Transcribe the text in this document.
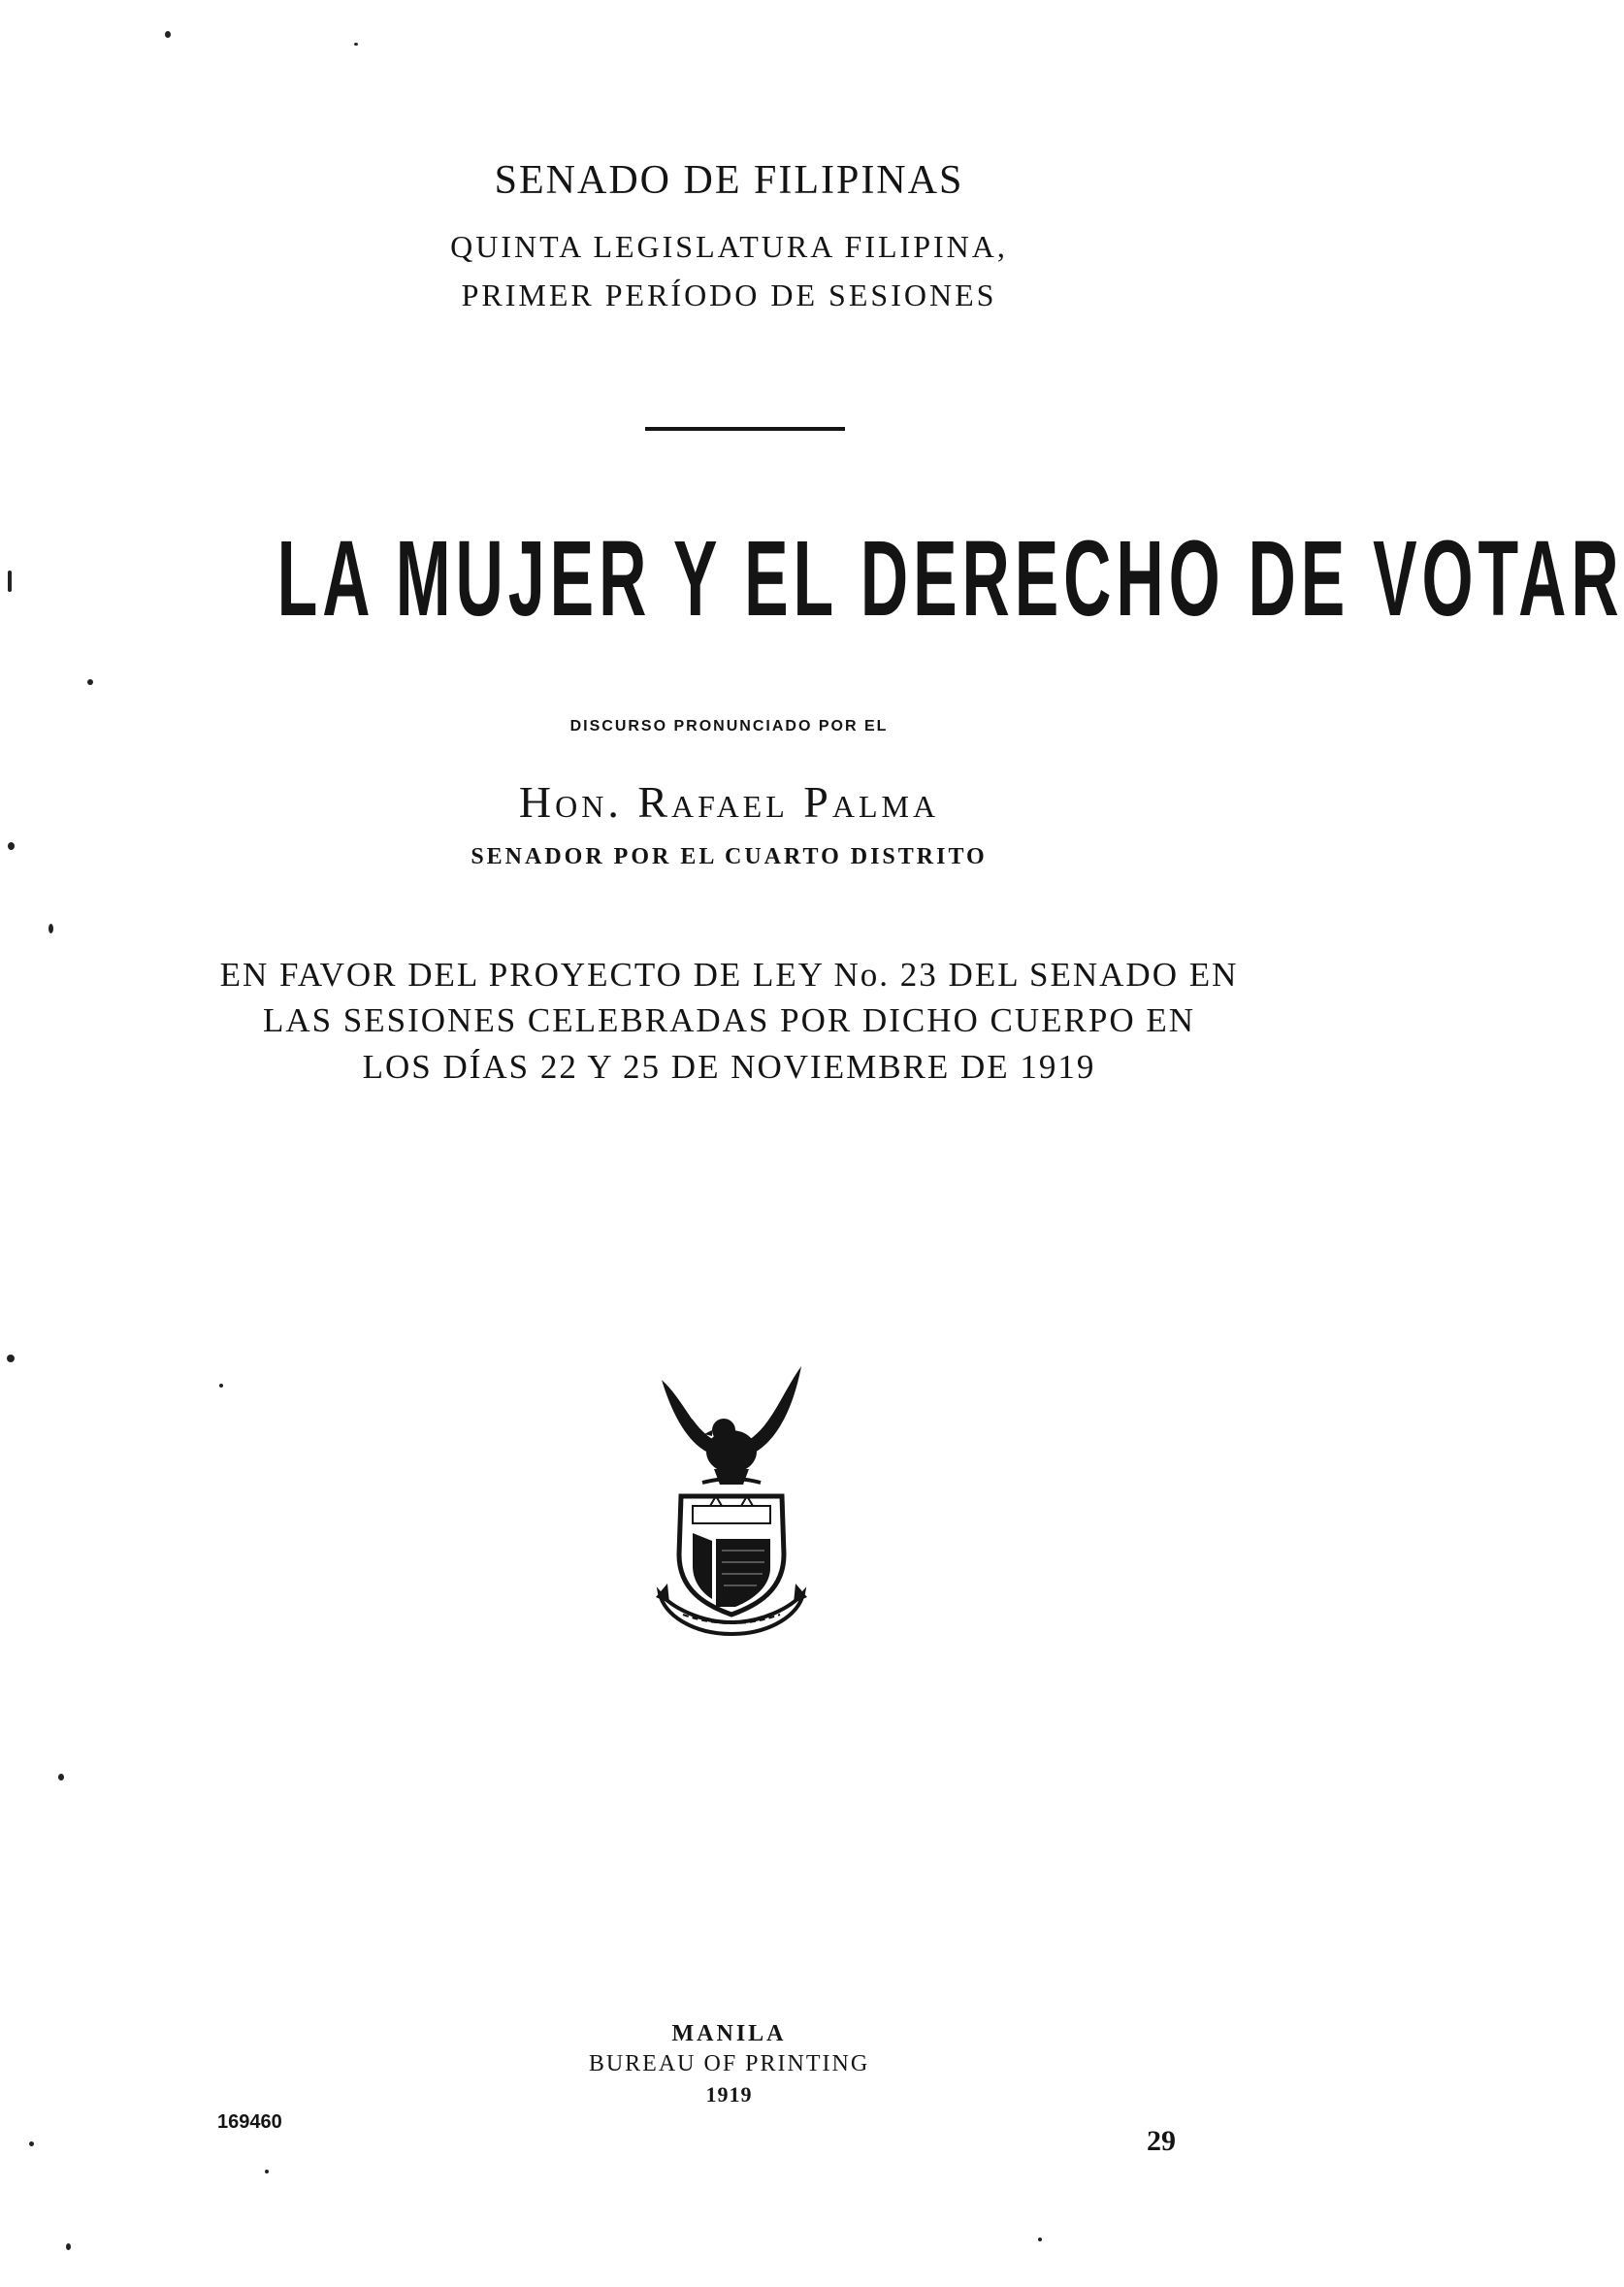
SENADO DE FILIPINAS

QUINTA LEGISLATURA FILIPINA,

PRIMER PERÍODO DE SESIONES

LA MUJER Y EL DERECHO DE VOTAR

DISCURSO PRONUNCIADO POR EL

Hon. Rafael Palma

SENADOR POR EL CUARTO DISTRITO

EN FAVOR DEL PROYECTO DE LEY No. 23 DEL SENADO EN

LAS SESIONES CELEBRADAS POR DICHO CUERPO EN

LOS DÍAS 22 Y 25 DE NOVIEMBRE DE 1919

MANILA

BUREAU OF PRINTING

1919

169460
29
